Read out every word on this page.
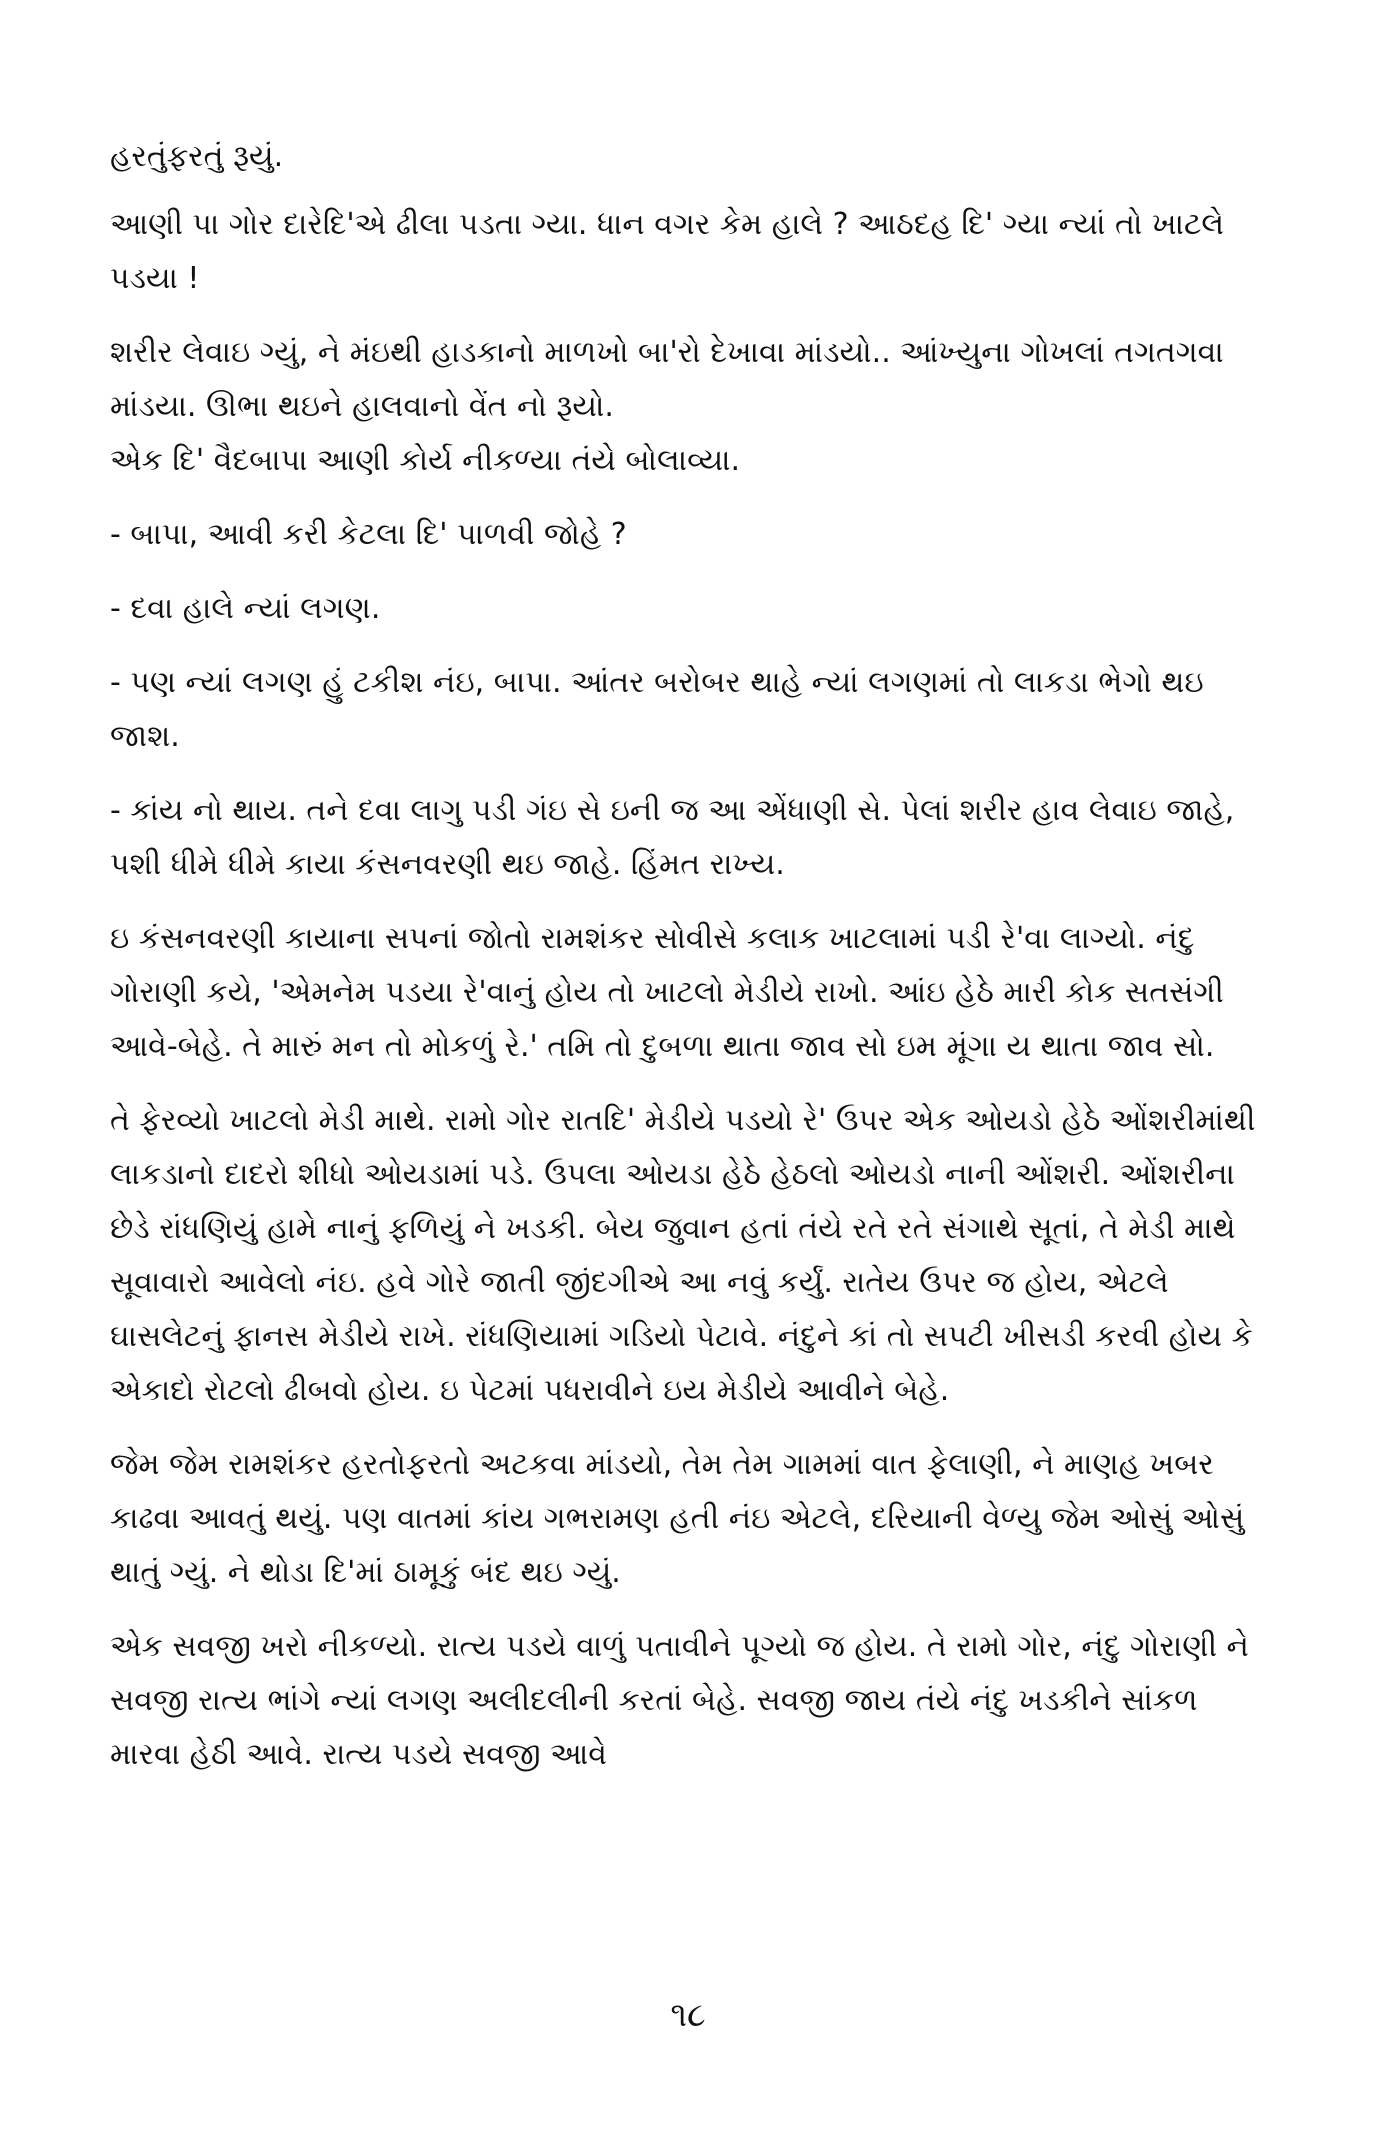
હરતુંફરતું રૂયું.

આણી પા ગોર દારેદિ'એ ઢીલા પડતા ગ્યા. ધાન વગર કેમ હાલે ? આઠદહ દિ' ગ્યા ન્યાં તો ખાટલે પડયા !

શરીર લેવાઇ ગ્યું, ને મંઇથી હાડકાનો માળખો બા'રો દેખાવા માંડયો.. આંખ્યુના ગોખલાં તગતગવા માંડયા. ઊભા થઇને હાલવાનો વેંત નો રૂયો.
એક દિ' વૈદબાપા આણી કોર્ય નીકળ્યા તંયે બોલાવ્યા.

- બાપા, આવી કરી કેટલા દિ' પાળવી જોહે ?

- દવા હાલે ન્યાં લગણ.

- પણ ન્યાં લગણ હું ટકીશ નંઇ, બાપા. આંતર બરોબર થાહે ન્યાં લગણમાં તો લાકડા ભેગો થઇ જાશ.

- કાંય નો થાય. તને દવા લાગુ પડી ગંઇ સે ઇની જ આ એંધાણી સે. પેલાં શરીર હાવ લેવાઇ જાહે, પશી ધીમે ધીમે કાયા કંસનવરણી થઇ જાહે. હિંમત રાખ્ય.

ઇ કંસનવરણી કાયાના સપનાં જોતો રામશંકર સોવીસે કલાક ખાટલામાં પડી રે'વા લાગ્યો. નંદુ ગોરાણી કયે, 'એમનેમ પડયા રે'વાનું હોય તો ખાટલો મેડીયે રાખો. આંઇ હેઠે મારી કોક સતસંગી આવે-બેહે. તે મારું મન તો મોકળું રે.' તમિ તો દુબળા થાતા જાવ સો ઇમ મૂંગા ય થાતા જાવ સો.

તે ફેરવ્યો ખાટલો મેડી માથે. રામો ગોર રાતદિ' મેડીયે પડયો રે' ઉપર એક ઓયડો હેઠે ઓંશરીમાંથી લાકડાનો દાદરો શીધો ઓયડામાં પડે. ઉપલા ઓયડા હેઠે હેઠલો ઓયડો નાની ઓંશરી. ઓંશરીના છેડે રાંધણિયું હામે નાનું ફળિયું ને ખડકી. બેય જુવાન હતાં તંયે રતે રતે સંગાથે સૂતાં, તે મેડી માથે સૂવાવારો આવેલો નંઇ. હવે ગોરે જાતી જીંદગીએ આ નવું કર્યું. રાતેય ઉપર જ હોય, એટલે ઘાસલેટનું ફાનસ મેડીયે રાખે. રાંધણિયામાં ગડિયો પેટાવે. નંદુને કાં તો સપટી ખીસડી કરવી હોય કે એકાદો રોટલો ઢીબવો હોય. ઇ પેટમાં પધરાવીને ઇય મેડીયે આવીને બેહે.

જેમ જેમ રામશંકર હરતોફરતો અટકવા માંડયો, તેમ તેમ ગામમાં વાત ફેલાણી, ને માણહ ખબર કાઢવા આવતું થયું. પણ વાતમાં કાંય ગભરામણ હતી નંઇ એટલે, દરિયાની વેળ્યુ જેમ ઓસું ઓસું થાતું ગ્યું. ને થોડા દિ'માં ઠામૂકું બંદ થઇ ગ્યું.

એક સવજી ખરો નીકળ્યો. રાત્ય પડયે વાળું પતાવીને પૂગ્યો જ હોય. તે રામો ગોર, નંદુ ગોરાણી ને સવજી રાત્ય ભાંગે ન્યાં લગણ અલીદલીની કરતાં બેહે. સવજી જાય તંયે નંદુ ખડકીને સાંકળ મારવા હેઠી આવે. રાત્ય પડયે સવજી આવે

૧૮
